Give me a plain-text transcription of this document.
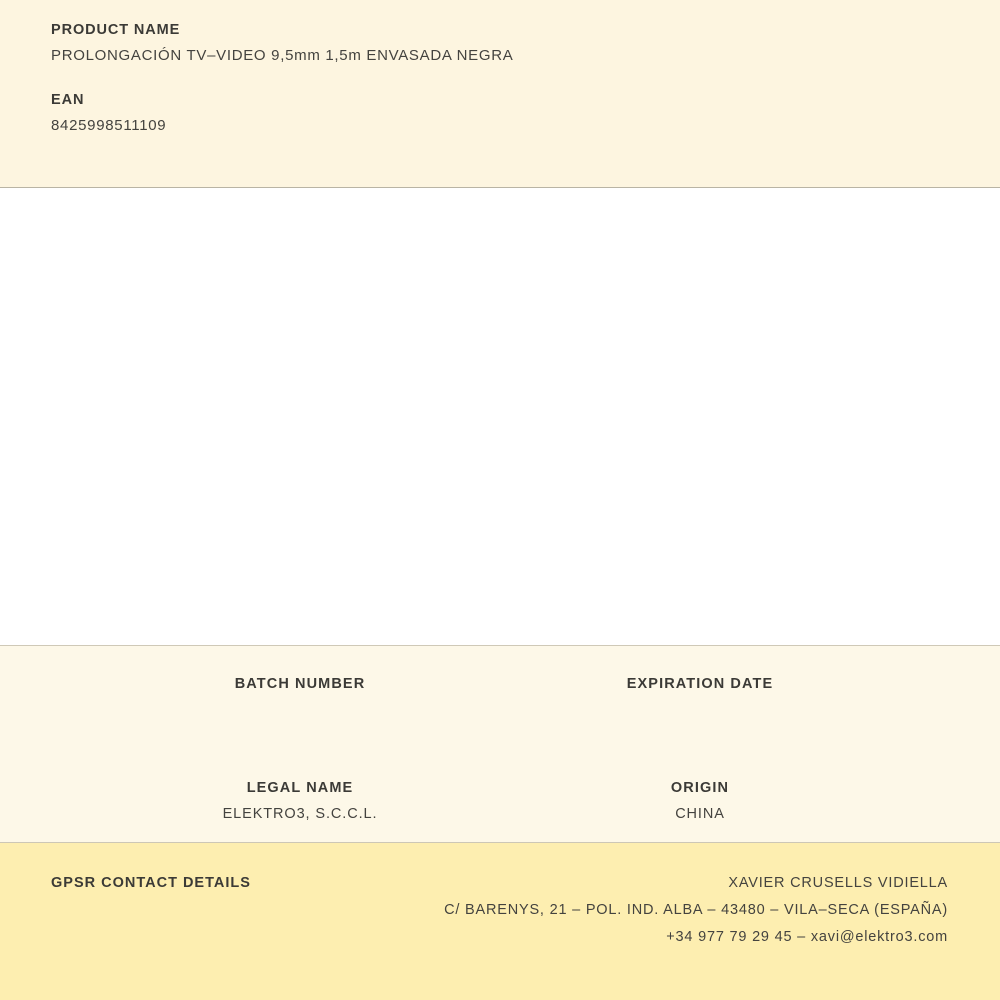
PRODUCT NAME
PROLONGACIÓN TV–VIDEO 9,5mm 1,5m ENVASADA NEGRA
EAN
8425998511109
BATCH NUMBER	EXPIRATION DATE
LEGAL NAME
ELEKTRO3, S.C.C.L.
ORIGIN
CHINA
GPSR CONTACT DETAILS	XAVIER CRUSELLS VIDIELLA
C/ BARENYS, 21 – POL. IND. ALBA – 43480 – VILA–SECA (ESPAÑA)
+34 977 79 29 45 – xavi@elektro3.com
